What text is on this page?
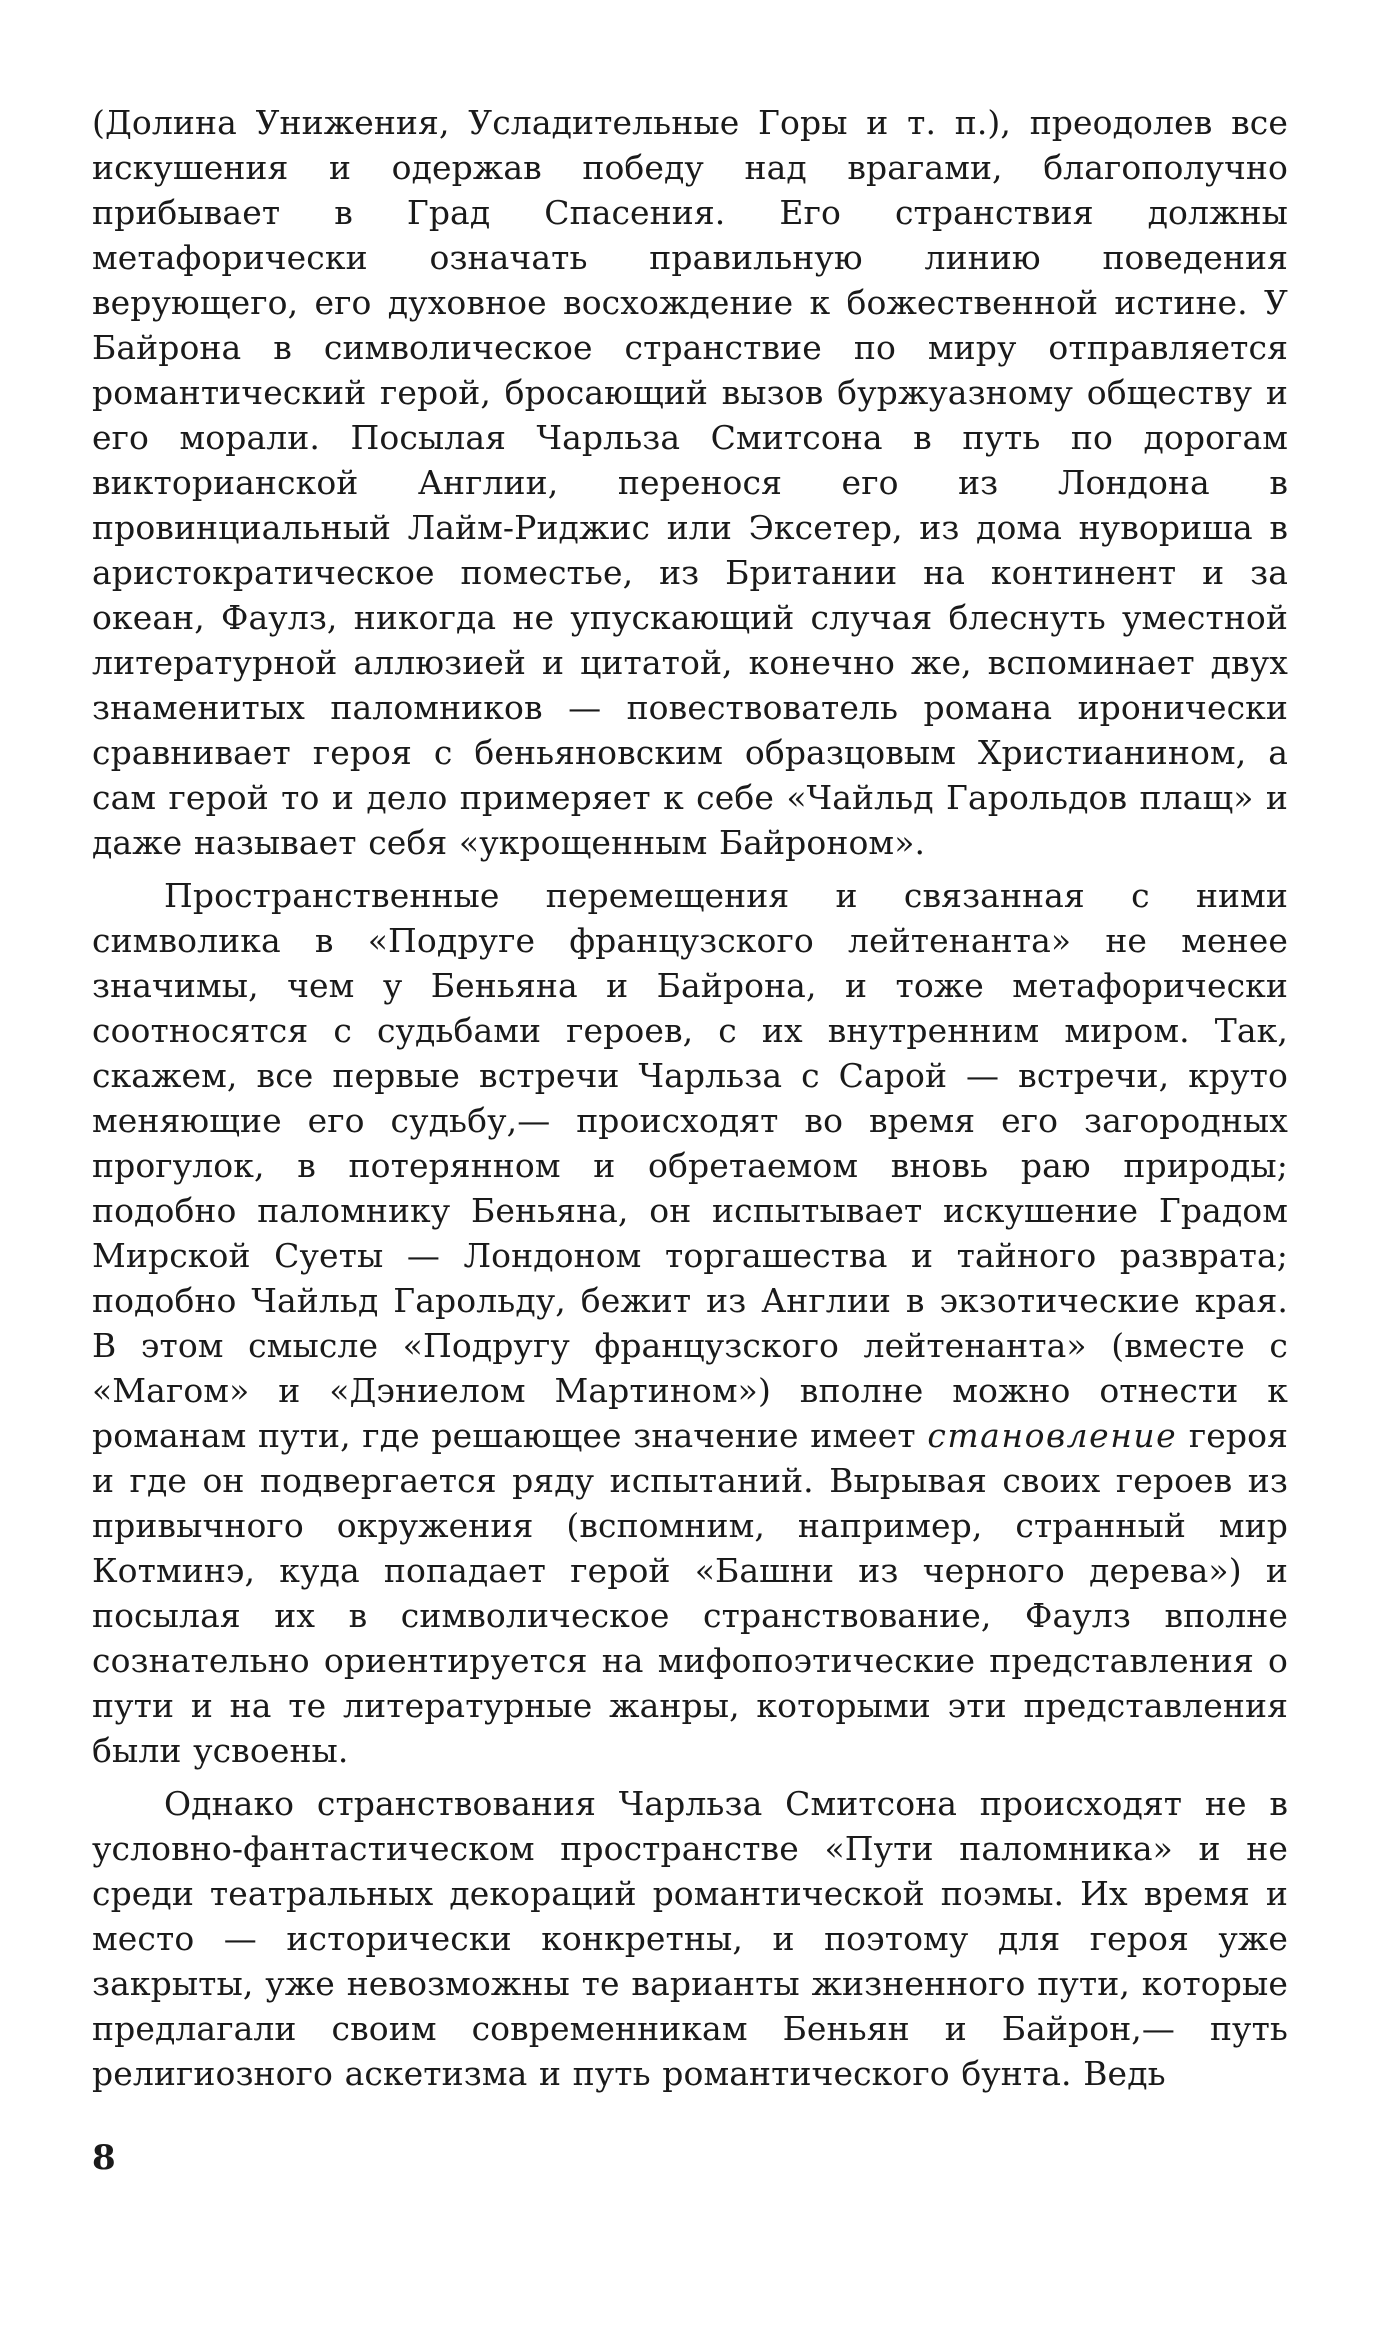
(Долина Унижения, Усладительные Горы и т. п.), преодолев все искушения и одержав победу над врагами, благополучно прибывает в Град Спасения. Его странствия должны метафорически означать правильную линию поведения верующего, его духовное восхождение к божественной истине. У Байрона в символическое странствие по миру отправляется романтический герой, бросающий вызов буржуазному обществу и его морали. Посылая Чарльза Смитсона в путь по дорогам викторианской Англии, перенося его из Лондона в провинциальный Лайм-Риджис или Эксетер, из дома нувориша в аристократическое поместье, из Британии на континент и за океан, Фаулз, никогда не упускающий случая блеснуть уместной литературной аллюзией и цитатой, конечно же, вспоминает двух знаменитых паломников — повествователь романа иронически сравнивает героя с беньяновским образцовым Христианином, а сам герой то и дело примеряет к себе «Чайльд Гарольдов плащ» и даже называет себя «укрощенным Байроном».

Пространственные перемещения и связанная с ними символика в «Подруге французского лейтенанта» не менее значимы, чем у Беньяна и Байрона, и тоже метафорически соотносятся с судьбами героев, с их внутренним миром. Так, скажем, все первые встречи Чарльза с Сарой — встречи, круто меняющие его судьбу,— происходят во время его загородных прогулок, в потерянном и обретаемом вновь раю природы; подобно паломнику Беньяна, он испытывает искушение Градом Мирской Суеты — Лондоном торгашества и тайного разврата; подобно Чайльд Гарольду, бежит из Англии в экзотические края. В этом смысле «Подругу французского лейтенанта» (вместе с «Магом» и «Дэниелом Мартином») вполне можно отнести к романам пути, где решающее значение имеет становление героя и где он подвергается ряду испытаний. Вырывая своих героев из привычного окружения (вспомним, например, странный мир Котминэ, куда попадает герой «Башни из черного дерева») и посылая их в символическое странствование, Фаулз вполне сознательно ориентируется на мифопоэтические представления о пути и на те литературные жанры, которыми эти представления были усвоены.

Однако странствования Чарльза Смитсона происходят не в условно-фантастическом пространстве «Пути паломника» и не среди театральных декораций романтической поэмы. Их время и место — исторически конкретны, и поэтому для героя уже закрыты, уже невозможны те варианты жизненного пути, которые предлагали своим современникам Беньян и Байрон,— путь религиозного аскетизма и путь романтического бунта. Ведь

8
